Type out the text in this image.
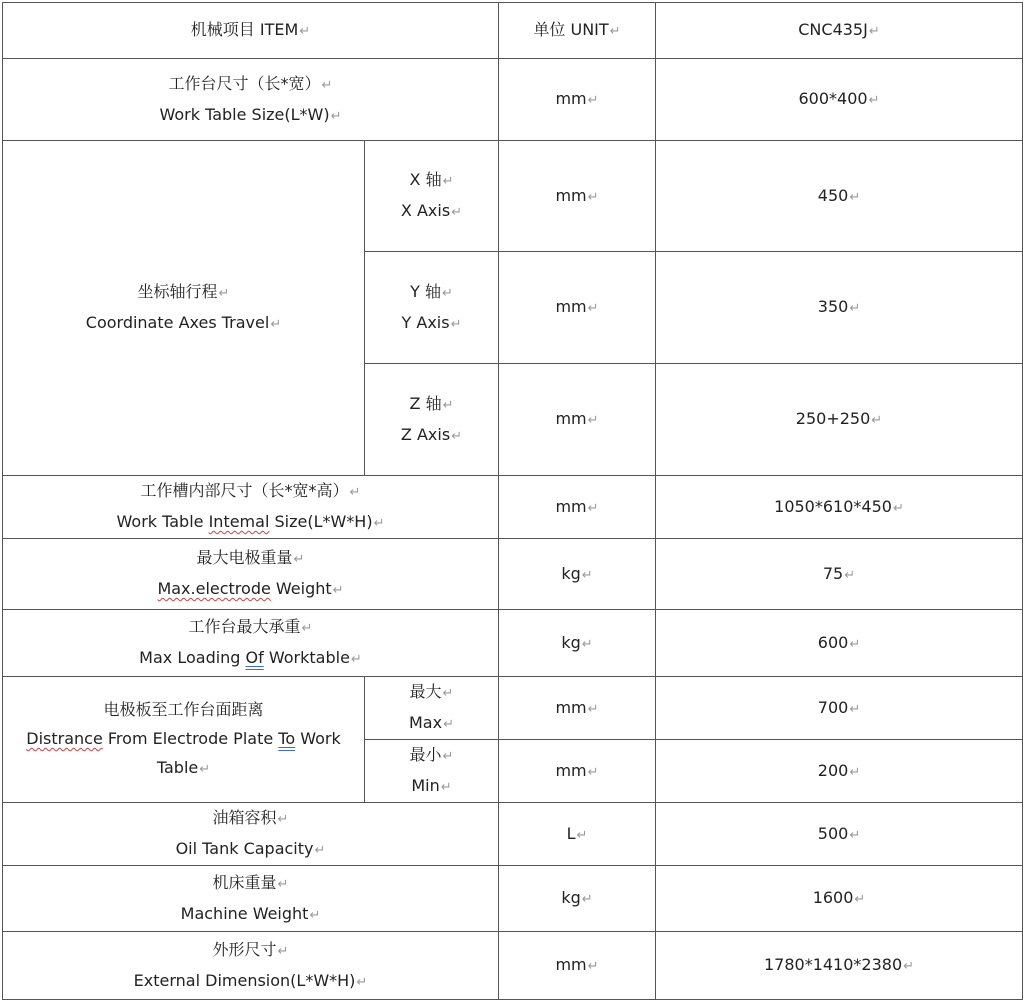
机械项目 ITEM↵		单位 UNIT↵	CNC435J↵

工作台尺寸（长*宽）↵
Work Table Size(L*W)↵		mm↵	600*400↵

坐标轴行程↵
Coordinate Axes Travel↵	X 轴↵
X Axis↵	mm↵	450↵

	Y 轴↵
Y Axis↵	mm↵	350↵

	Z 轴↵
Z Axis↵	mm↵	250+250↵

工作槽内部尺寸（长*宽*高）↵
Work Table Intemal Size(L*W*H)↵		mm↵	1050*610*450↵

最大电极重量↵
Max.electrode Weight↵		kg↵	75↵

工作台最大承重↵
Max Loading Of Worktable↵		kg↵	600↵

电极板至工作台面距离
Distrance From Electrode Plate To Work
Table↵	最大↵
Max↵	mm↵	700↵

	最小↵
Min↵	mm↵	200↵

油箱容积↵
Oil Tank Capacity↵		L↵	500↵

机床重量↵
Machine Weight↵		kg↵	1600↵

外形尺寸↵
External Dimension(L*W*H)↵		mm↵	1780*1410*2380↵
